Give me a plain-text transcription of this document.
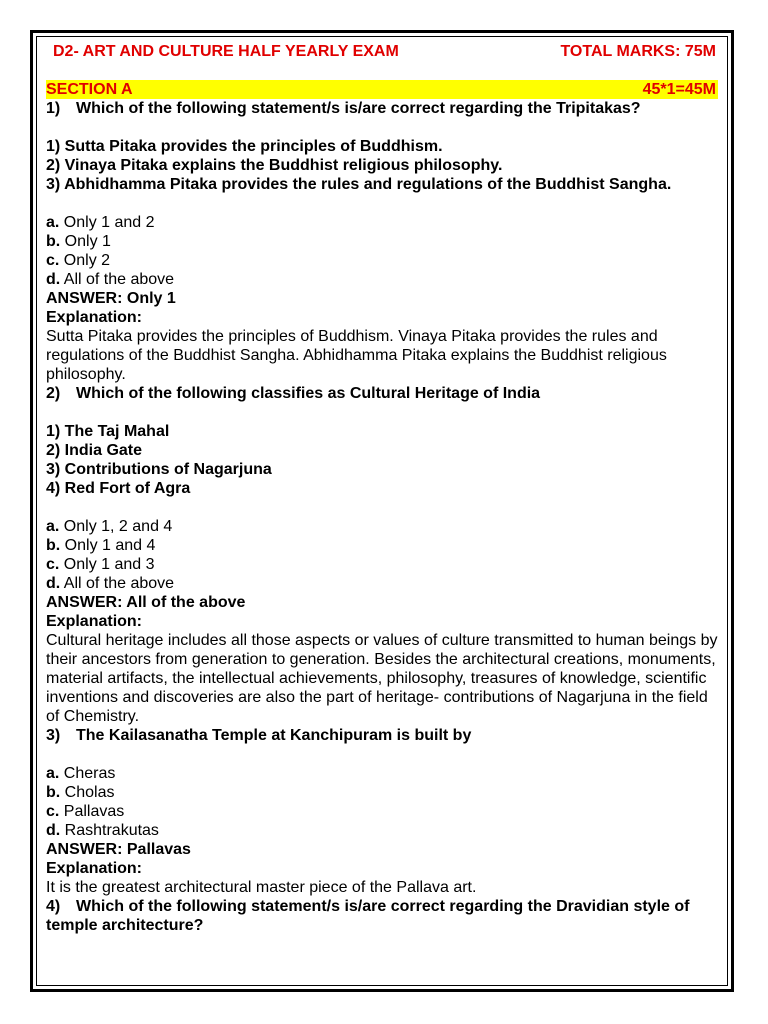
D2- ART AND CULTURE HALF YEARLY EXAM	TOTAL MARKS: 75M
SECTION A	45*1=45M
1) Which of the following statement/s is/are correct regarding the Tripitakas?
1) Sutta Pitaka provides the principles of Buddhism.
2) Vinaya Pitaka explains the Buddhist religious philosophy.
3) Abhidhamma Pitaka provides the rules and regulations of the Buddhist Sangha.
a. Only 1 and 2
b. Only 1
c. Only 2
d. All of the above
ANSWER: Only 1
Explanation:
Sutta Pitaka provides the principles of Buddhism. Vinaya Pitaka provides the rules and regulations of the Buddhist Sangha. Abhidhamma Pitaka explains the Buddhist religious philosophy.
2) Which of the following classifies as Cultural Heritage of India
1) The Taj Mahal
2) India Gate
3) Contributions of Nagarjuna
4) Red Fort of Agra
a. Only 1, 2 and 4
b. Only 1 and 4
c. Only 1 and 3
d. All of the above
ANSWER: All of the above
Explanation:
Cultural heritage includes all those aspects or values of culture transmitted to human beings by their ancestors from generation to generation. Besides the architectural creations, monuments, material artifacts, the intellectual achievements, philosophy, treasures of knowledge, scientific inventions and discoveries are also the part of heritage- contributions of Nagarjuna in the field of Chemistry.
3) The Kailasanatha Temple at Kanchipuram is built by
a. Cheras
b. Cholas
c. Pallavas
d. Rashtrakutas
ANSWER: Pallavas
Explanation:
It is the greatest architectural master piece of the Pallava art.
4) Which of the following statement/s is/are correct regarding the Dravidian style of temple architecture?
